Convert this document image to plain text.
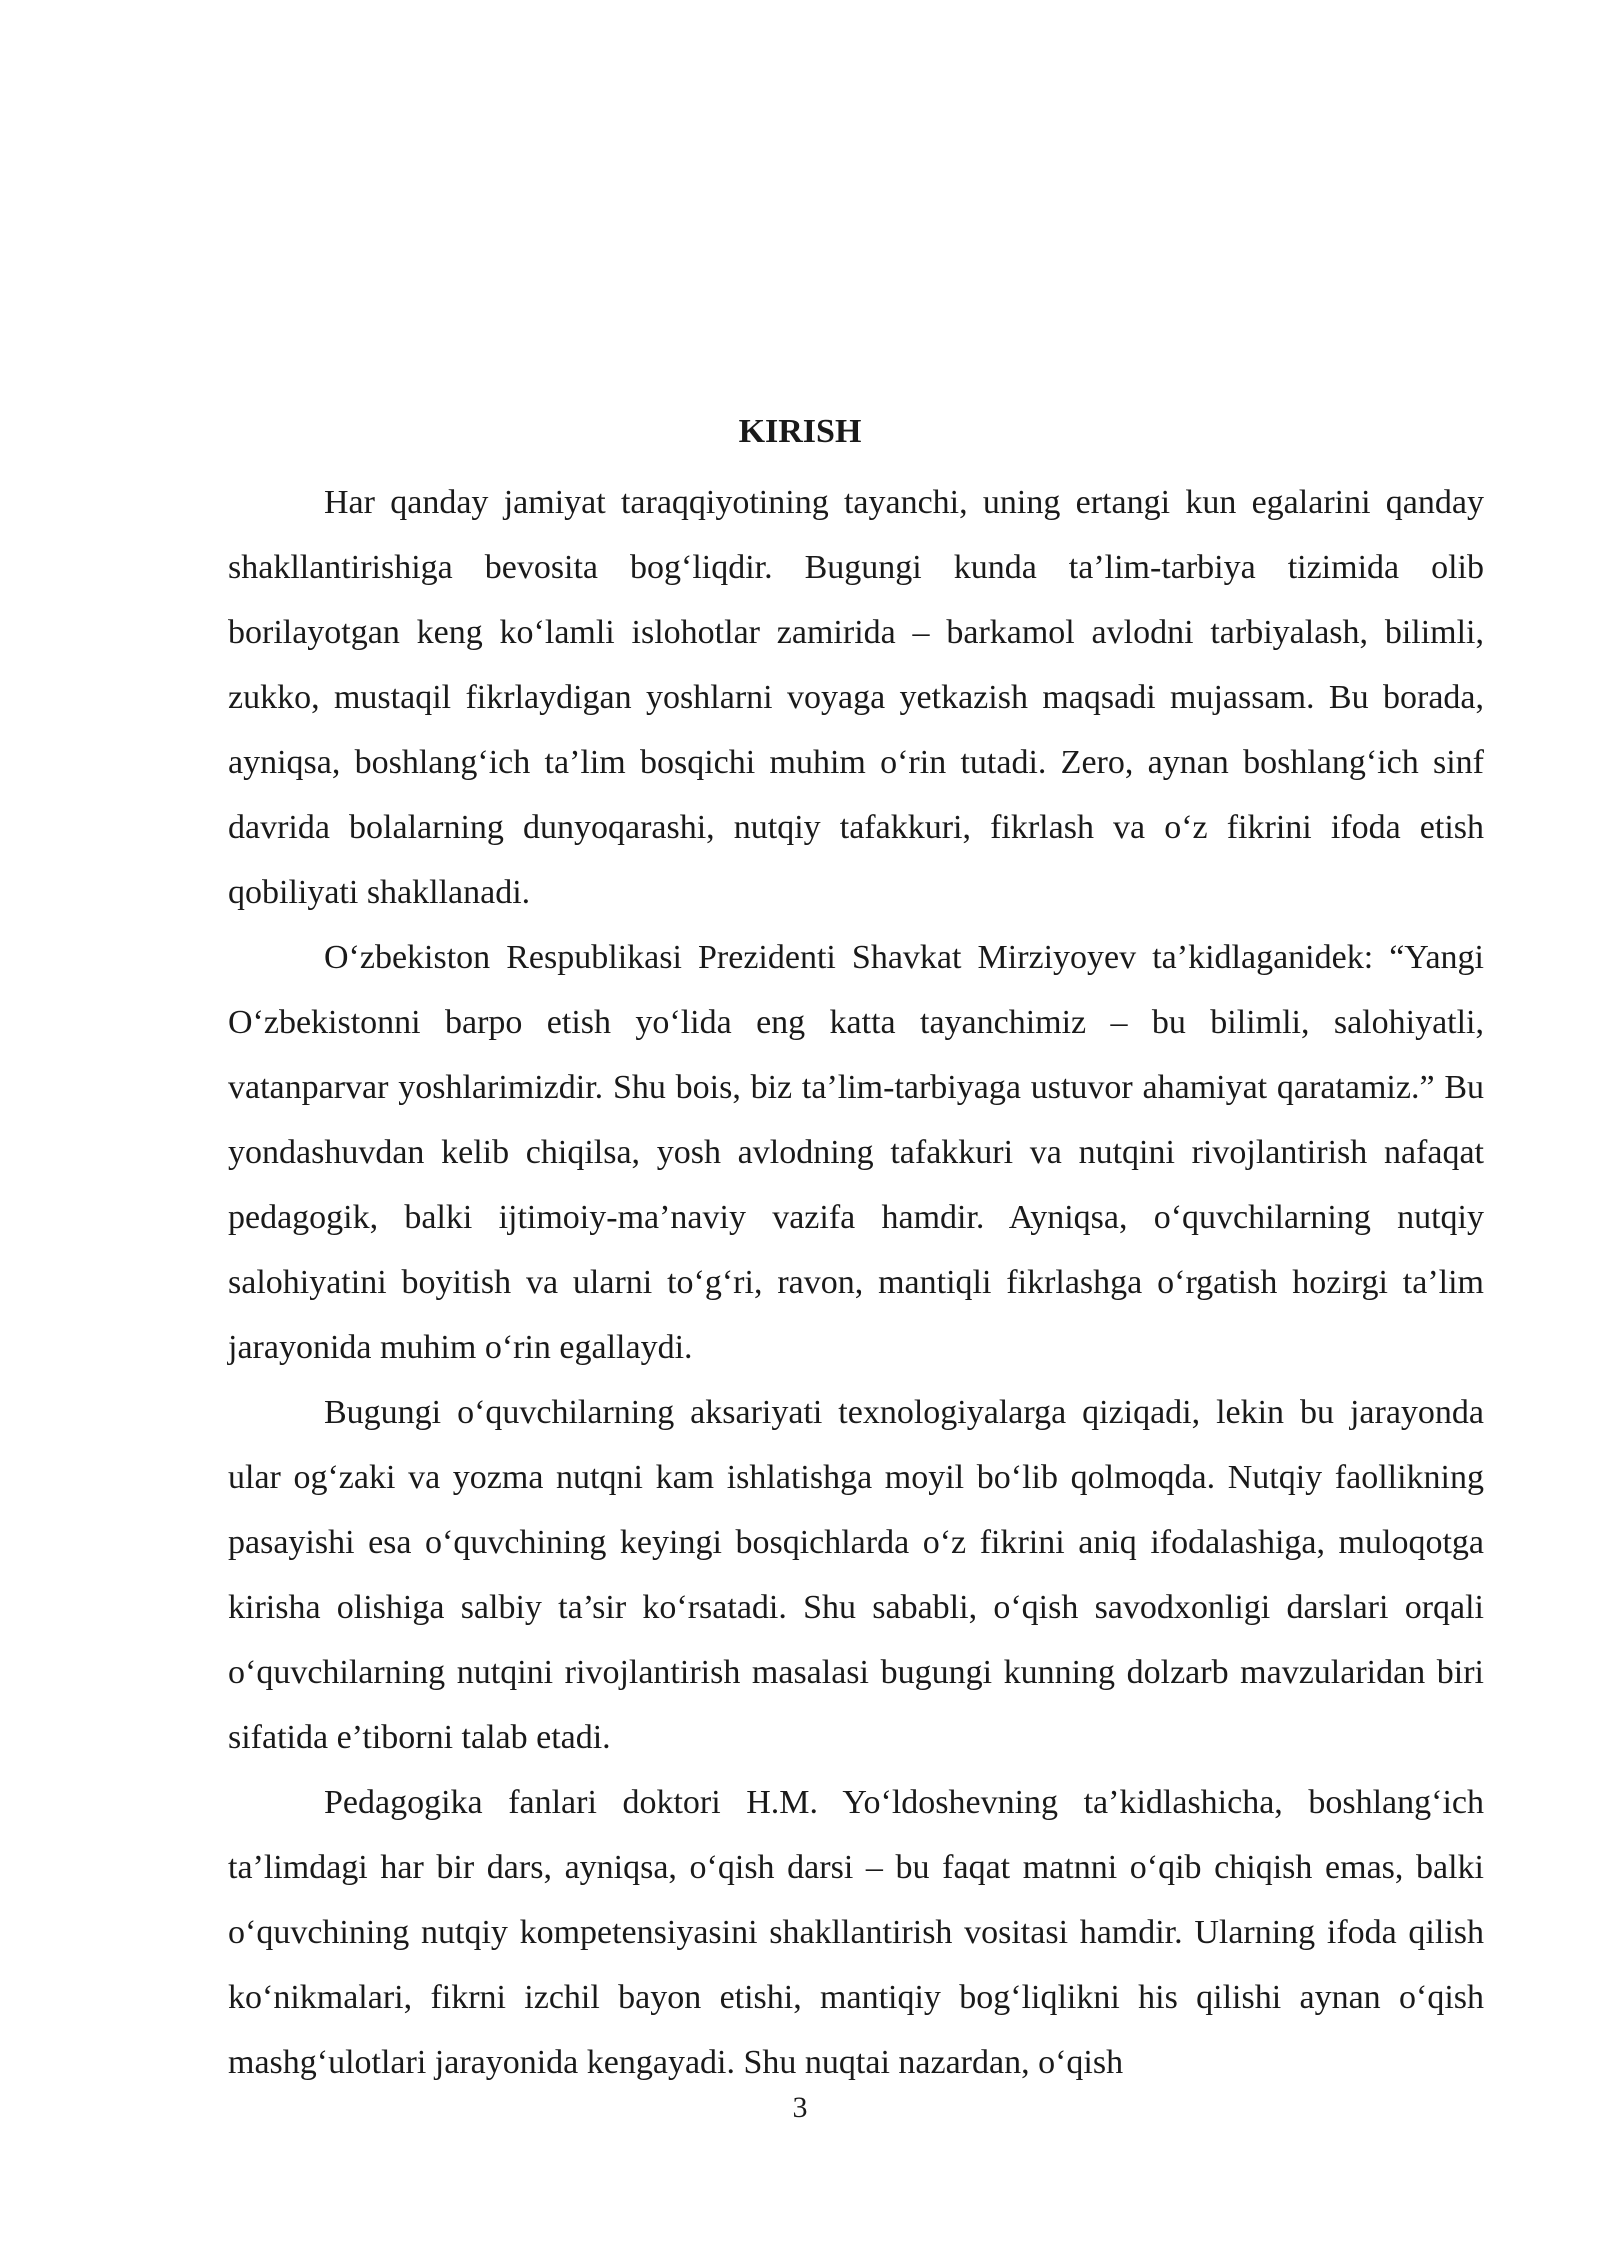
KIRISH

Har qanday jamiyat taraqqiyotining tayanchi, uning ertangi kun egalarini qanday shakllantirishiga bevosita bog‘liqdir. Bugungi kunda ta’lim-tarbiya tizimida olib borilayotgan keng ko‘lamli islohotlar zamirida – barkamol avlodni tarbiyalash, bilimli, zukko, mustaqil fikrlaydigan yoshlarni voyaga yetkazish maqsadi mujassam. Bu borada, ayniqsa, boshlang‘ich ta’lim bosqichi muhim o‘rin tutadi. Zero, aynan boshlang‘ich sinf davrida bolalarning dunyoqarashi, nutqiy tafakkuri, fikrlash va o‘z fikrini ifoda etish qobiliyati shakllanadi.

O‘zbekiston Respublikasi Prezidenti Shavkat Mirziyoyev ta’kidlaganidek: “Yangi O‘zbekistonni barpo etish yo‘lida eng katta tayanchimiz – bu bilimli, salohiyatli, vatanparvar yoshlarimizdir. Shu bois, biz ta’lim-tarbiyaga ustuvor ahamiyat qaratamiz.” Bu yondashuvdan kelib chiqilsa, yosh avlodning tafakkuri va nutqini rivojlantirish nafaqat pedagogik, balki ijtimoiy-ma’naviy vazifa hamdir. Ayniqsa, o‘quvchilarning nutqiy salohiyatini boyitish va ularni to‘g‘ri, ravon, mantiqli fikrlashga o‘rgatish hozirgi ta’lim jarayonida muhim o‘rin egallaydi.

Bugungi o‘quvchilarning aksariyati texnologiyalarga qiziqadi, lekin bu jarayonda ular og‘zaki va yozma nutqni kam ishlatishga moyil bo‘lib qolmoqda. Nutqiy faollikning pasayishi esa o‘quvchining keyingi bosqichlarda o‘z fikrini aniq ifodalashiga, muloqotga kirisha olishiga salbiy ta’sir ko‘rsatadi. Shu sababli, o‘qish savodxonligi darslari orqali o‘quvchilarning nutqini rivojlantirish masalasi bugungi kunning dolzarb mavzularidan biri sifatida e’tiborni talab etadi.

Pedagogika fanlari doktori H.M. Yo‘ldoshevning ta’kidlashicha, boshlang‘ich ta’limdagi har bir dars, ayniqsa, o‘qish darsi – bu faqat matnni o‘qib chiqish emas, balki o‘quvchining nutqiy kompetensiyasini shakllantirish vositasi hamdir. Ularning ifoda qilish ko‘nikmalari, fikrni izchil bayon etishi, mantiqiy bog‘liqlikni his qilishi aynan o‘qish mashg‘ulotlari jarayonida kengayadi. Shu nuqtai nazardan, o‘qish

3
